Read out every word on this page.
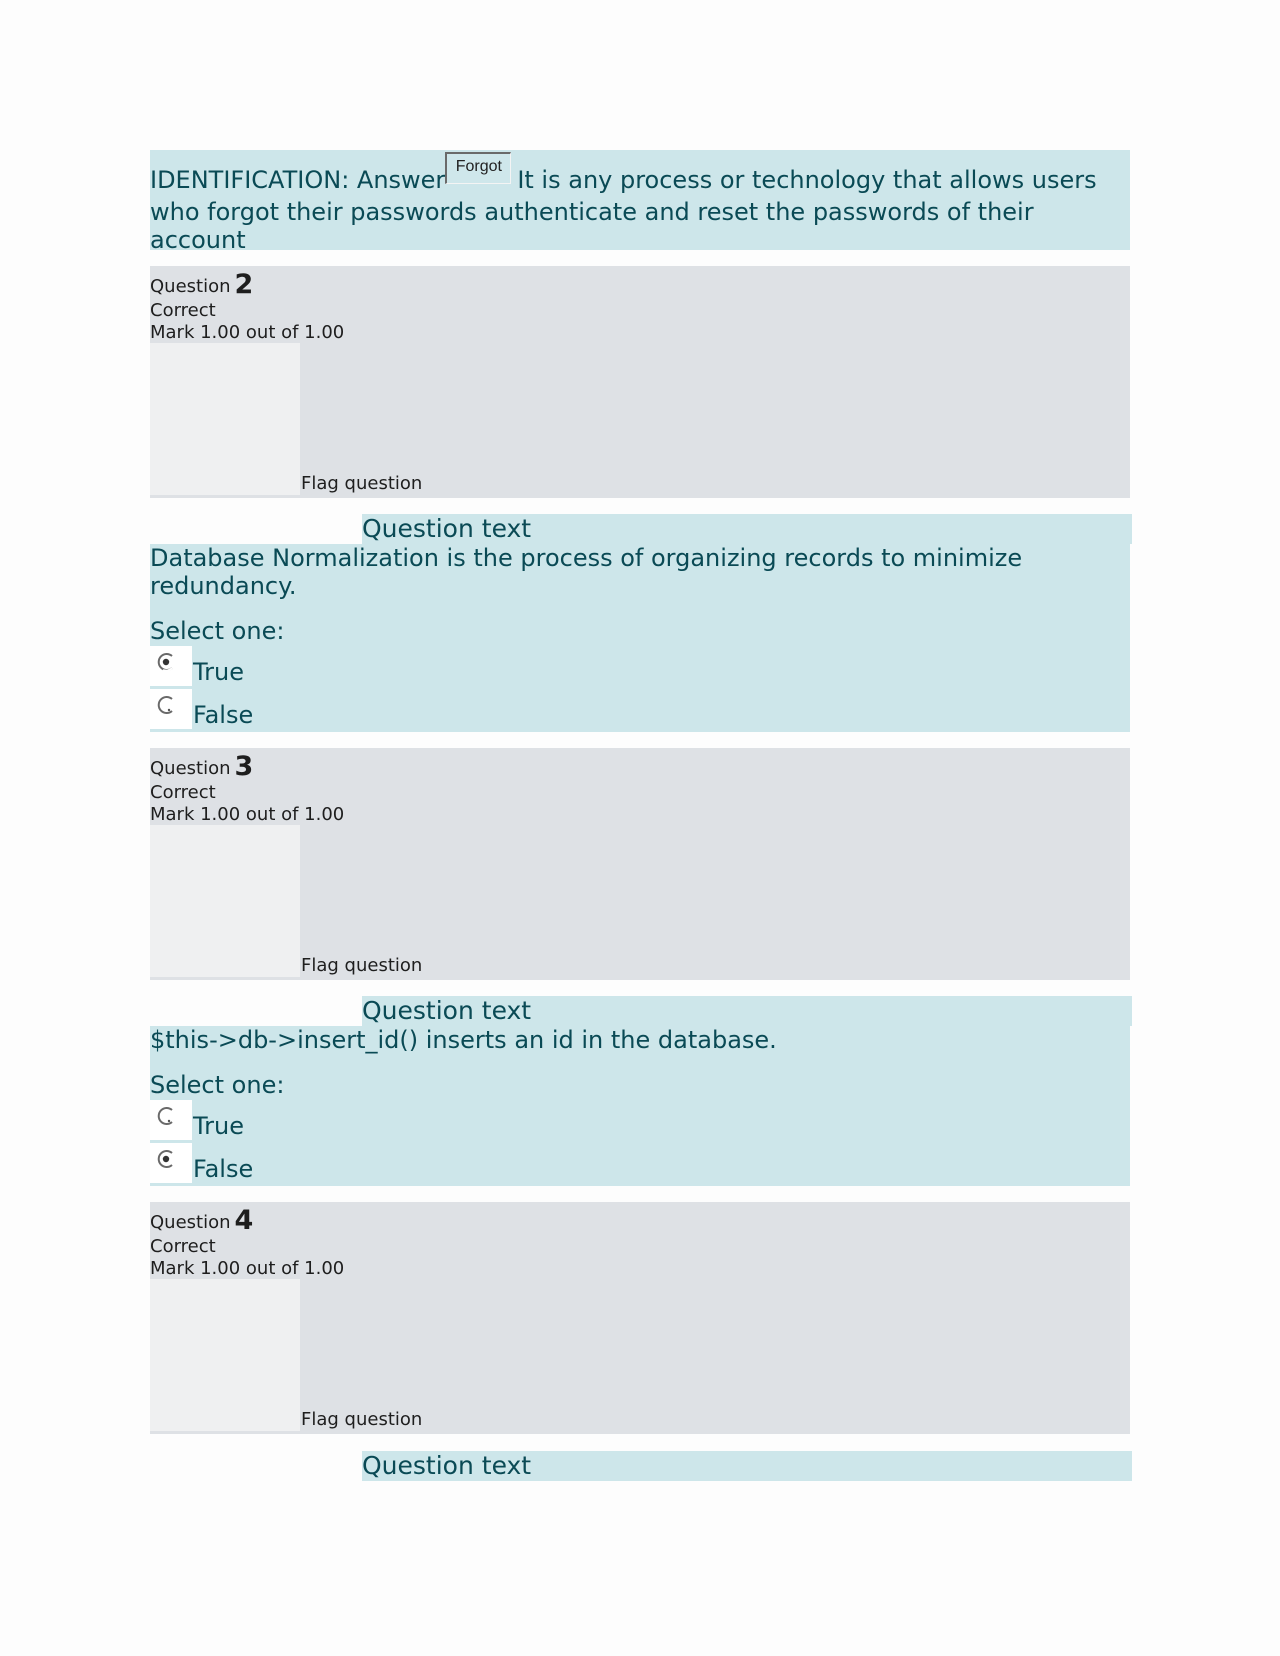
IDENTIFICATION: Answer Forgot It is any process or technology that allows users who forgot their passwords authenticate and reset the passwords of their account
Question 2
Correct
Mark 1.00 out of 1.00
Flag question
Question text
Database Normalization is the process of organizing records to minimize redundancy.
Select one:
True
False
Question 3
Correct
Mark 1.00 out of 1.00
Flag question
Question text
$this->db->insert_id() inserts an id in the database.
Select one:
True
False
Question 4
Correct
Mark 1.00 out of 1.00
Flag question
Question text
